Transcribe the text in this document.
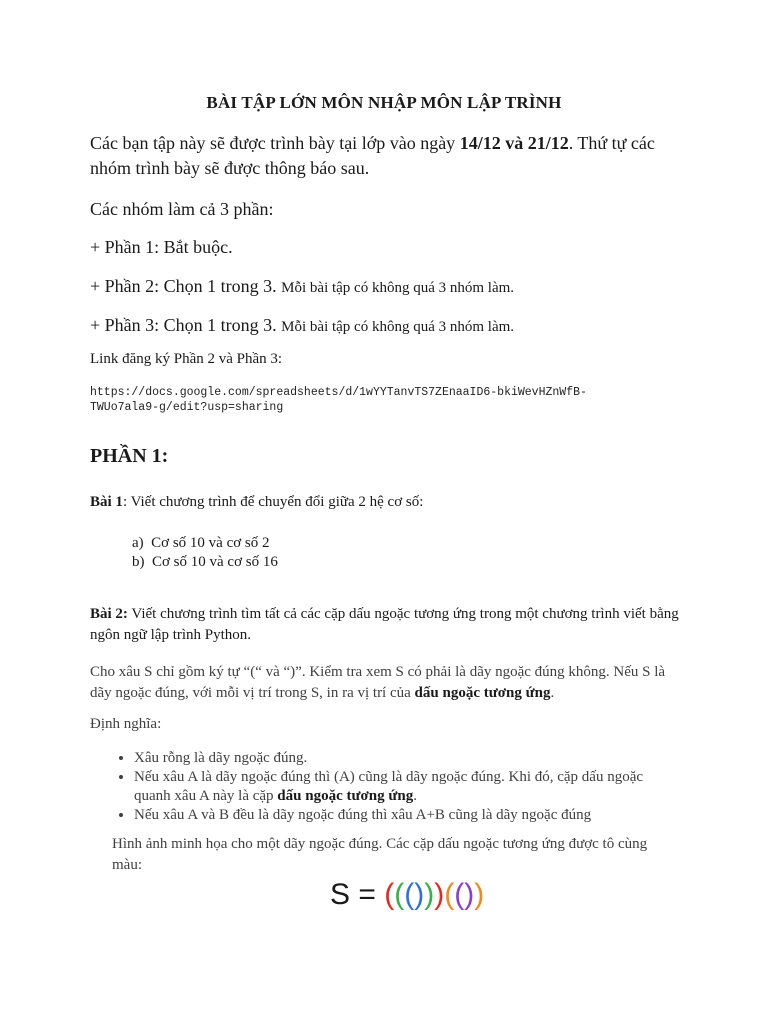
BÀI TẬP LỚN MÔN NHẬP MÔN LẬP TRÌNH
Các bạn tập này sẽ được trình bày tại lớp vào ngày 14/12 và 21/12. Thứ tự các nhóm trình bày sẽ được thông báo sau.
Các nhóm làm cả 3 phần:
+ Phần 1: Bắt buộc.
+ Phần 2: Chọn 1 trong 3. Mỗi bài tập có không quá 3 nhóm làm.
+ Phần 3: Chọn 1 trong 3. Mỗi bài tập có không quá 3 nhóm làm.
Link đăng ký Phần 2 và Phần 3:
https://docs.google.com/spreadsheets/d/1wYYTanvTS7ZEnaaID6-bkiWevHZnWfB-
TWUo7ala9-g/edit?usp=sharing
PHẦN 1:
Bài 1: Viết chương trình để chuyển đổi giữa 2 hệ cơ số:
a) Cơ số 10 và cơ số 2
b) Cơ số 10 và cơ số 16
Bài 2: Viết chương trình tìm tất cả các cặp dấu ngoặc tương ứng trong một chương trình viết bằng ngôn ngữ lập trình Python.
Cho xâu S chỉ gồm ký tự “(“ và “)”. Kiểm tra xem S có phải là dãy ngoặc đúng không. Nếu S là dãy ngoặc đúng, với mỗi vị trí trong S, in ra vị trí của dấu ngoặc tương ứng.
Định nghĩa:
• Xâu rỗng là dãy ngoặc đúng.
• Nếu xâu A là dãy ngoặc đúng thì (A) cũng là dãy ngoặc đúng. Khi đó, cặp dấu ngoặc quanh xâu A này là cặp dấu ngoặc tương ứng.
• Nếu xâu A và B đều là dãy ngoặc đúng thì xâu A+B cũng là dãy ngoặc đúng
Hình ảnh minh họa cho một dãy ngoặc đúng. Các cặp dấu ngoặc tương ứng được tô cùng màu:
S = ((()))(())
